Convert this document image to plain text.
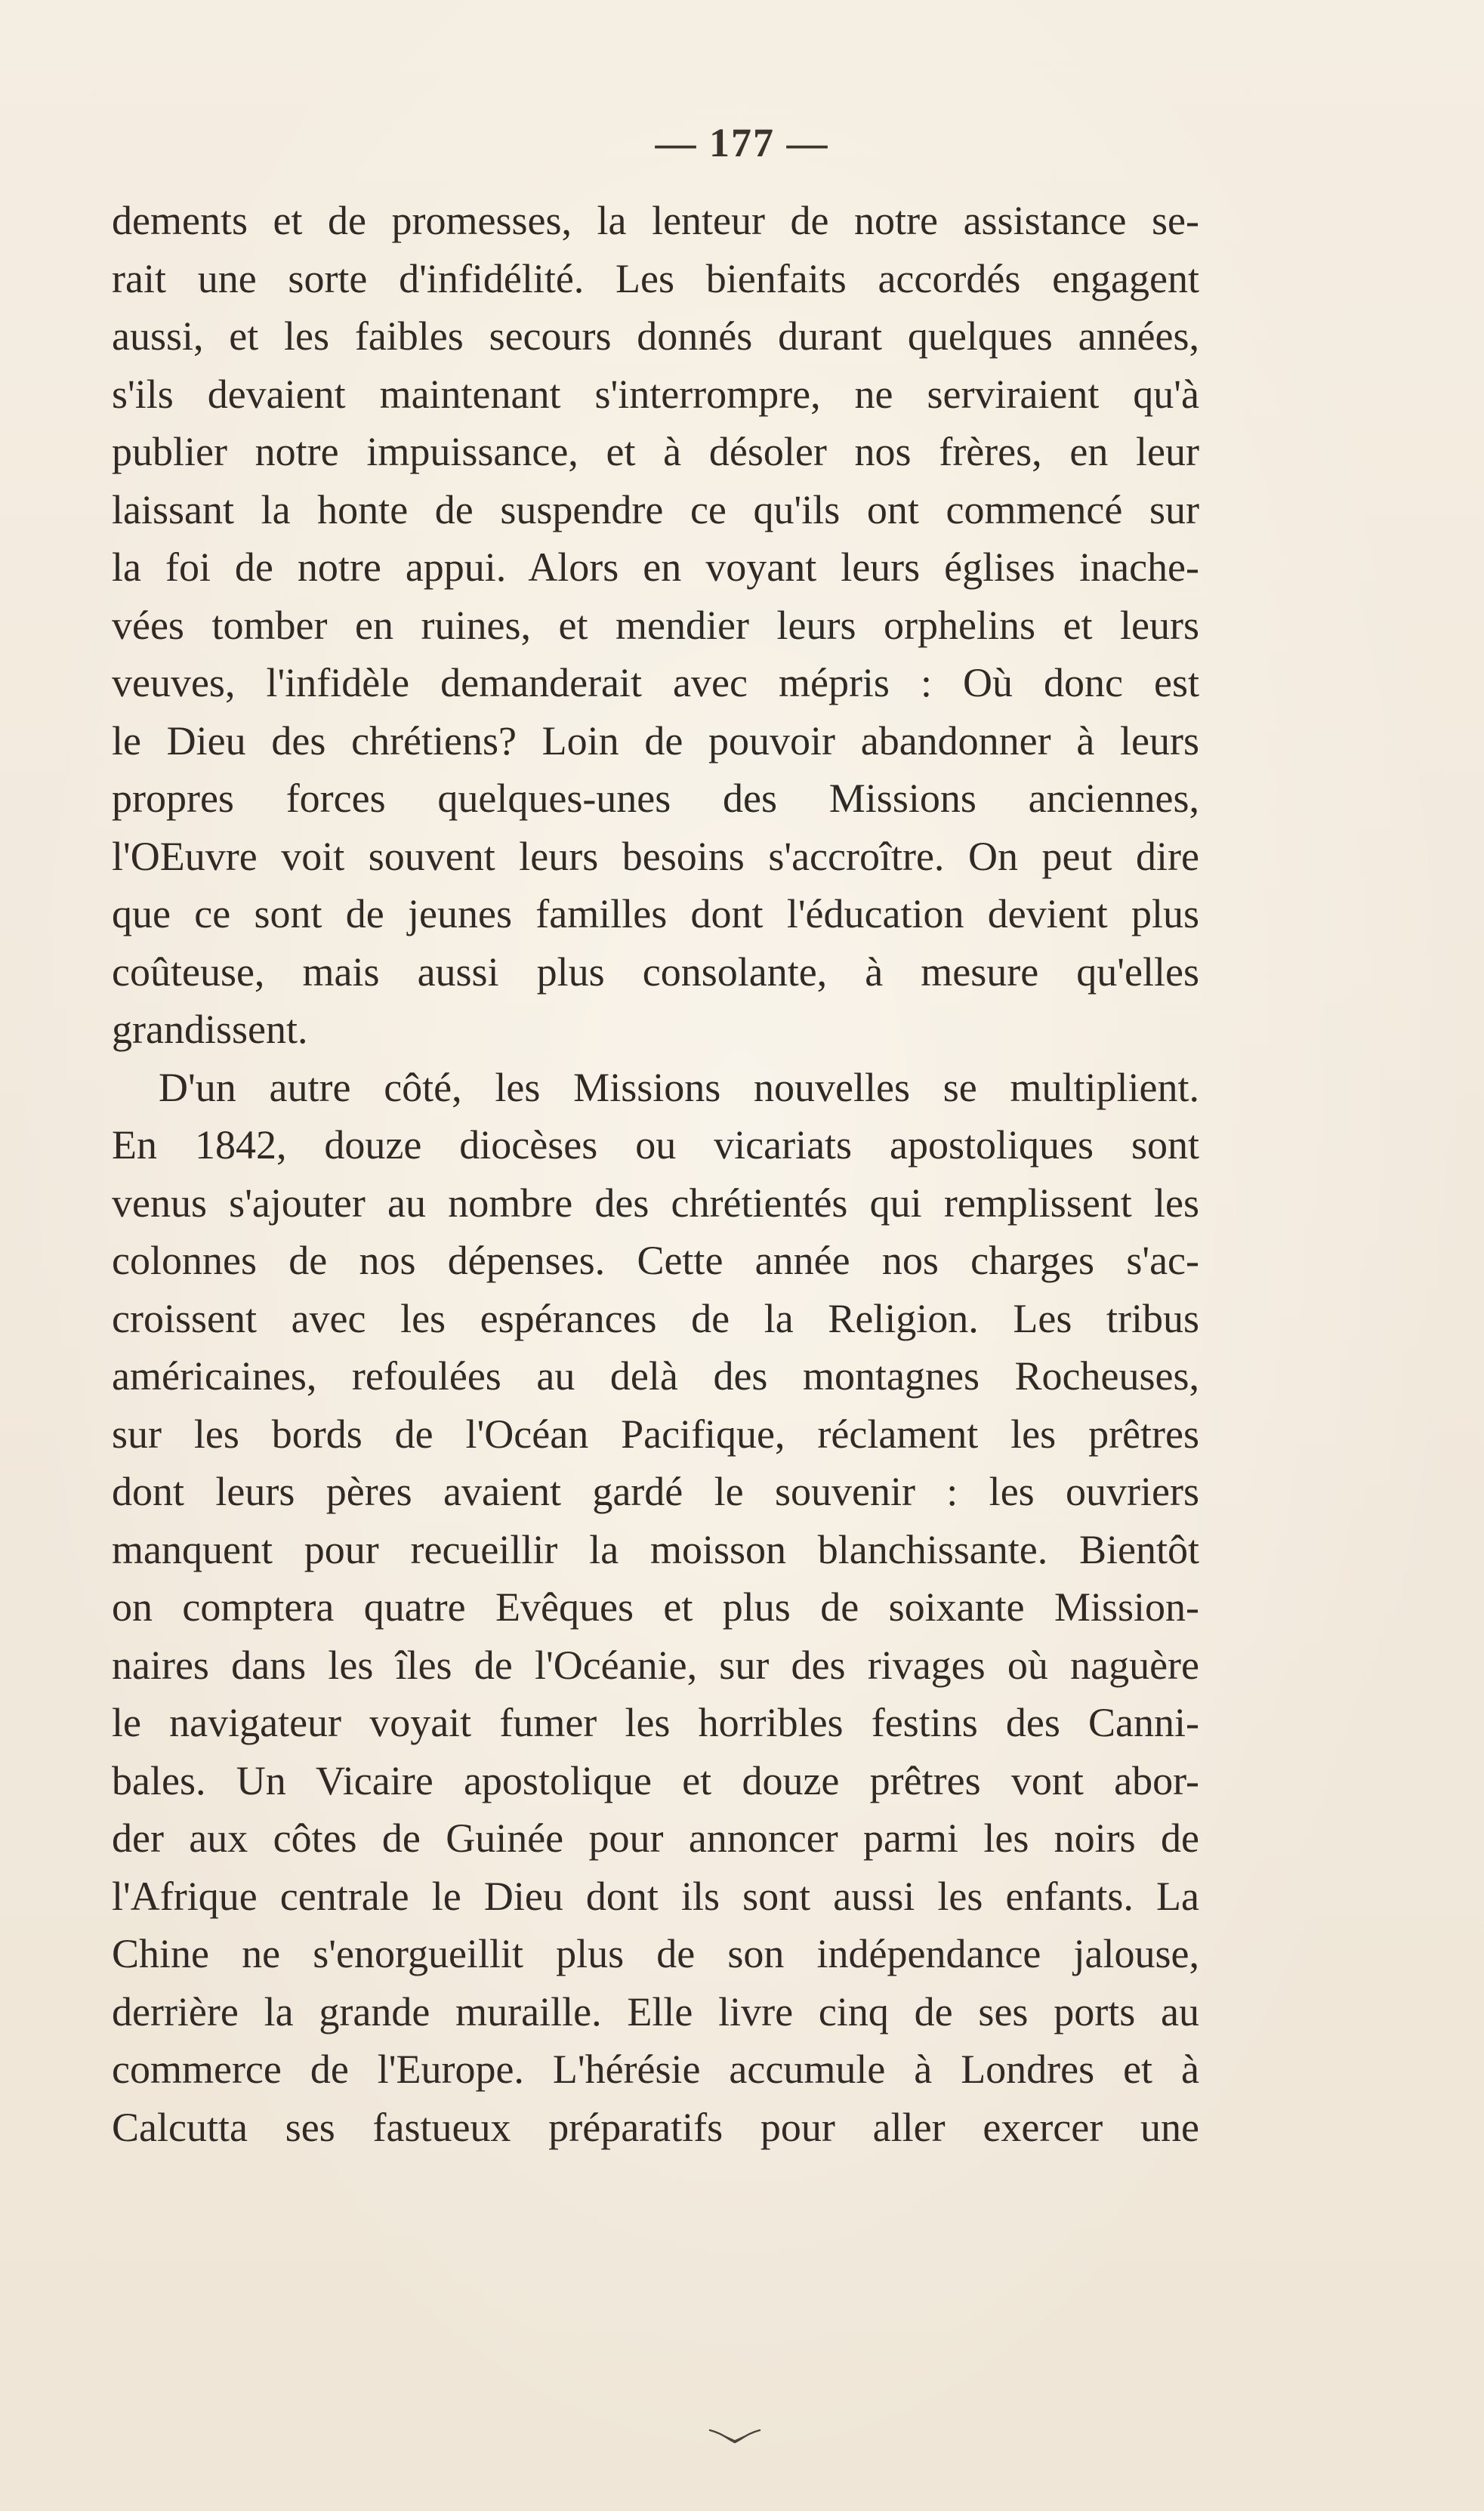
— 177 —
dements et de promesses, la lenteur de notre assistance se-
rait une sorte d'infidélité. Les bienfaits accordés engagent
aussi, et les faibles secours donnés durant quelques années,
s'ils devaient maintenant s'interrompre, ne serviraient qu'à
publier notre impuissance, et à désoler nos frères, en leur
laissant la honte de suspendre ce qu'ils ont commencé sur
la foi de notre appui. Alors en voyant leurs églises inache-
vées tomber en ruines, et mendier leurs orphelins et leurs
veuves, l'infidèle demanderait avec mépris : Où donc est
le Dieu des chrétiens? Loin de pouvoir abandonner à leurs
propres forces quelques-unes des Missions anciennes,
l'OEuvre voit souvent leurs besoins s'accroître. On peut dire
que ce sont de jeunes familles dont l'éducation devient plus
coûteuse, mais aussi plus consolante, à mesure qu'elles
grandissent.
D'un autre côté, les Missions nouvelles se multiplient.
En 1842, douze diocèses ou vicariats apostoliques sont
venus s'ajouter au nombre des chrétientés qui remplissent les
colonnes de nos dépenses. Cette année nos charges s'ac-
croissent avec les espérances de la Religion. Les tribus
américaines, refoulées au delà des montagnes Rocheuses,
sur les bords de l'Océan Pacifique, réclament les prêtres
dont leurs pères avaient gardé le souvenir : les ouvriers
manquent pour recueillir la moisson blanchissante. Bientôt
on comptera quatre Evêques et plus de soixante Mission-
naires dans les îles de l'Océanie, sur des rivages où naguère
le navigateur voyait fumer les horribles festins des Canni-
bales. Un Vicaire apostolique et douze prêtres vont abor-
der aux côtes de Guinée pour annoncer parmi les noirs de
l'Afrique centrale le Dieu dont ils sont aussi les enfants. La
Chine ne s'enorgueillit plus de son indépendance jalouse,
derrière la grande muraille. Elle livre cinq de ses ports au
commerce de l'Europe. L'hérésie accumule à Londres et à
Calcutta ses fastueux préparatifs pour aller exercer une
